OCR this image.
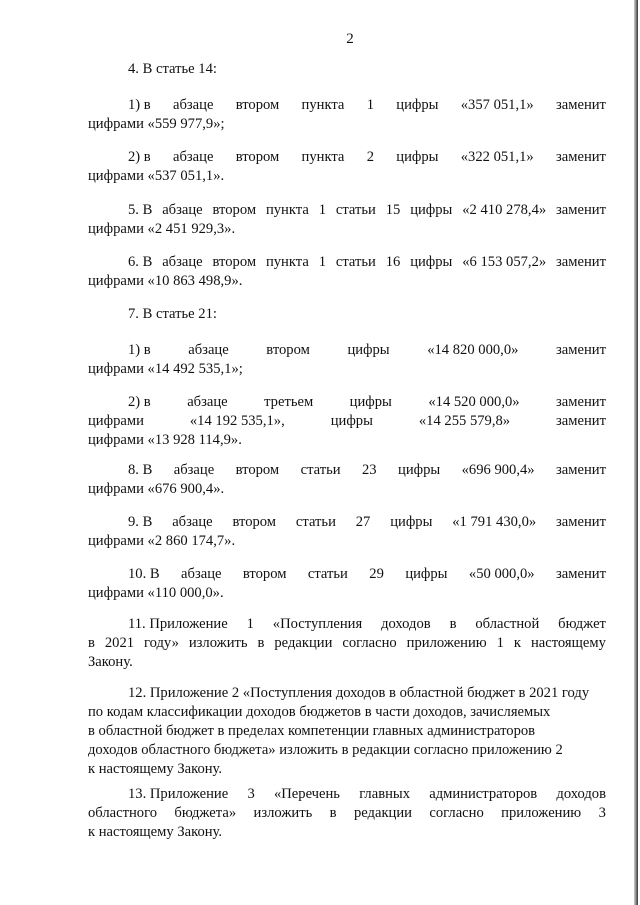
2
4. В статье 14:
1) в абзаце втором пункта 1 цифры «357 051,1» заменит
цифрами «559 977,9»;
2) в абзаце втором пункта 2 цифры «322 051,1» заменит
цифрами «537 051,1».
5. В абзаце втором пункта 1 статьи 15 цифры «2 410 278,4» заменит
цифрами «2 451 929,3».
6. В абзаце втором пункта 1 статьи 16 цифры «6 153 057,2» заменит
цифрами «10 863 498,9».
7. В статье 21:
1) в	абзаце	втором	цифры	«14 820 000,0»	заменит
цифрами «14 492 535,1»;
2) в абзаце третьем цифры «14 520 000,0» заменит
цифрами	«14 192 535,1»,	цифры	«14 255 579,8»	заменит
цифрами «13 928 114,9».
8. В абзаце втором статьи 23 цифры «696 900,4» заменит
цифрами «676 900,4».
9. В абзаце втором статьи 27 цифры «1 791 430,0» заменит
цифрами «2 860 174,7».
10. В абзаце втором статьи 29 цифры «50 000,0» заменит
цифрами «110 000,0».
11. Приложение 1 «Поступления доходов в областной бюджет
в 2021 году» изложить в редакции согласно приложению 1 к настоящему
Закону.
12. Приложение 2 «Поступления доходов в областной бюджет в 2021 году
по кодам классификации доходов бюджетов в части доходов, зачисляемых
в областной бюджет в пределах компетенции главных администраторов
доходов областного бюджета» изложить в редакции согласно приложению 2
к настоящему Закону.
13. Приложение 3 «Перечень главных администраторов доходов
областного бюджета» изложить в редакции согласно приложению 3
к настоящему Закону.
